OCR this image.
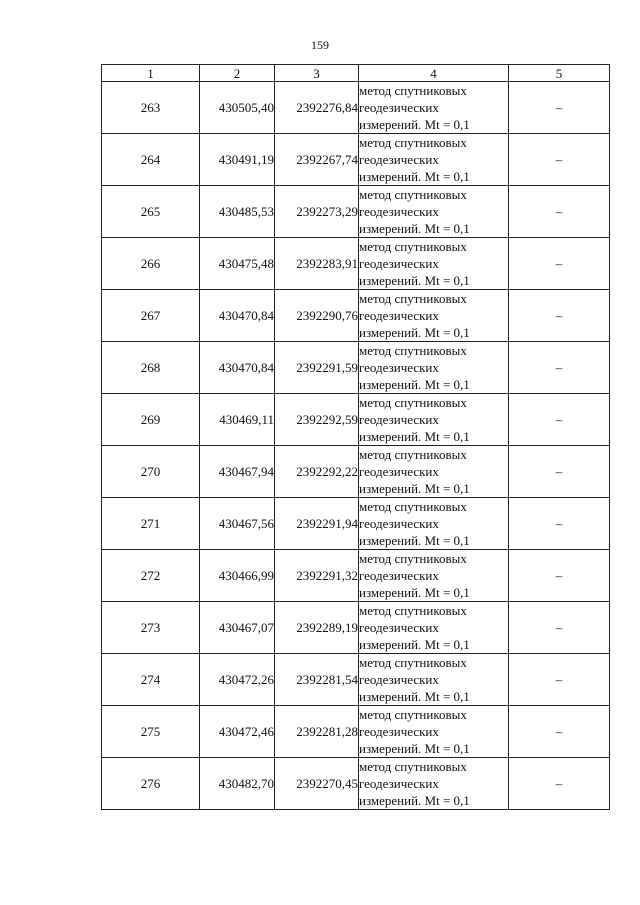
159
1	2	3	4	5
263	430505,40	2392276,84	метод спутниковых
геодезических
измерений. Mt = 0,1	–
264	430491,19	2392267,74	метод спутниковых
геодезических
измерений. Mt = 0,1	–
265	430485,53	2392273,29	метод спутниковых
геодезических
измерений. Mt = 0,1	–
266	430475,48	2392283,91	метод спутниковых
геодезических
измерений. Mt = 0,1	–
267	430470,84	2392290,76	метод спутниковых
геодезических
измерений. Mt = 0,1	–
268	430470,84	2392291,59	метод спутниковых
геодезических
измерений. Mt = 0,1	–
269	430469,11	2392292,59	метод спутниковых
геодезических
измерений. Mt = 0,1	–
270	430467,94	2392292,22	метод спутниковых
геодезических
измерений. Mt = 0,1	–
271	430467,56	2392291,94	метод спутниковых
геодезических
измерений. Mt = 0,1	–
272	430466,99	2392291,32	метод спутниковых
геодезических
измерений. Mt = 0,1	–
273	430467,07	2392289,19	метод спутниковых
геодезических
измерений. Mt = 0,1	–
274	430472,26	2392281,54	метод спутниковых
геодезических
измерений. Mt = 0,1	–
275	430472,46	2392281,28	метод спутниковых
геодезических
измерений. Mt = 0,1	–
276	430482,70	2392270,45	метод спутниковых
геодезических
измерений. Mt = 0,1	–
